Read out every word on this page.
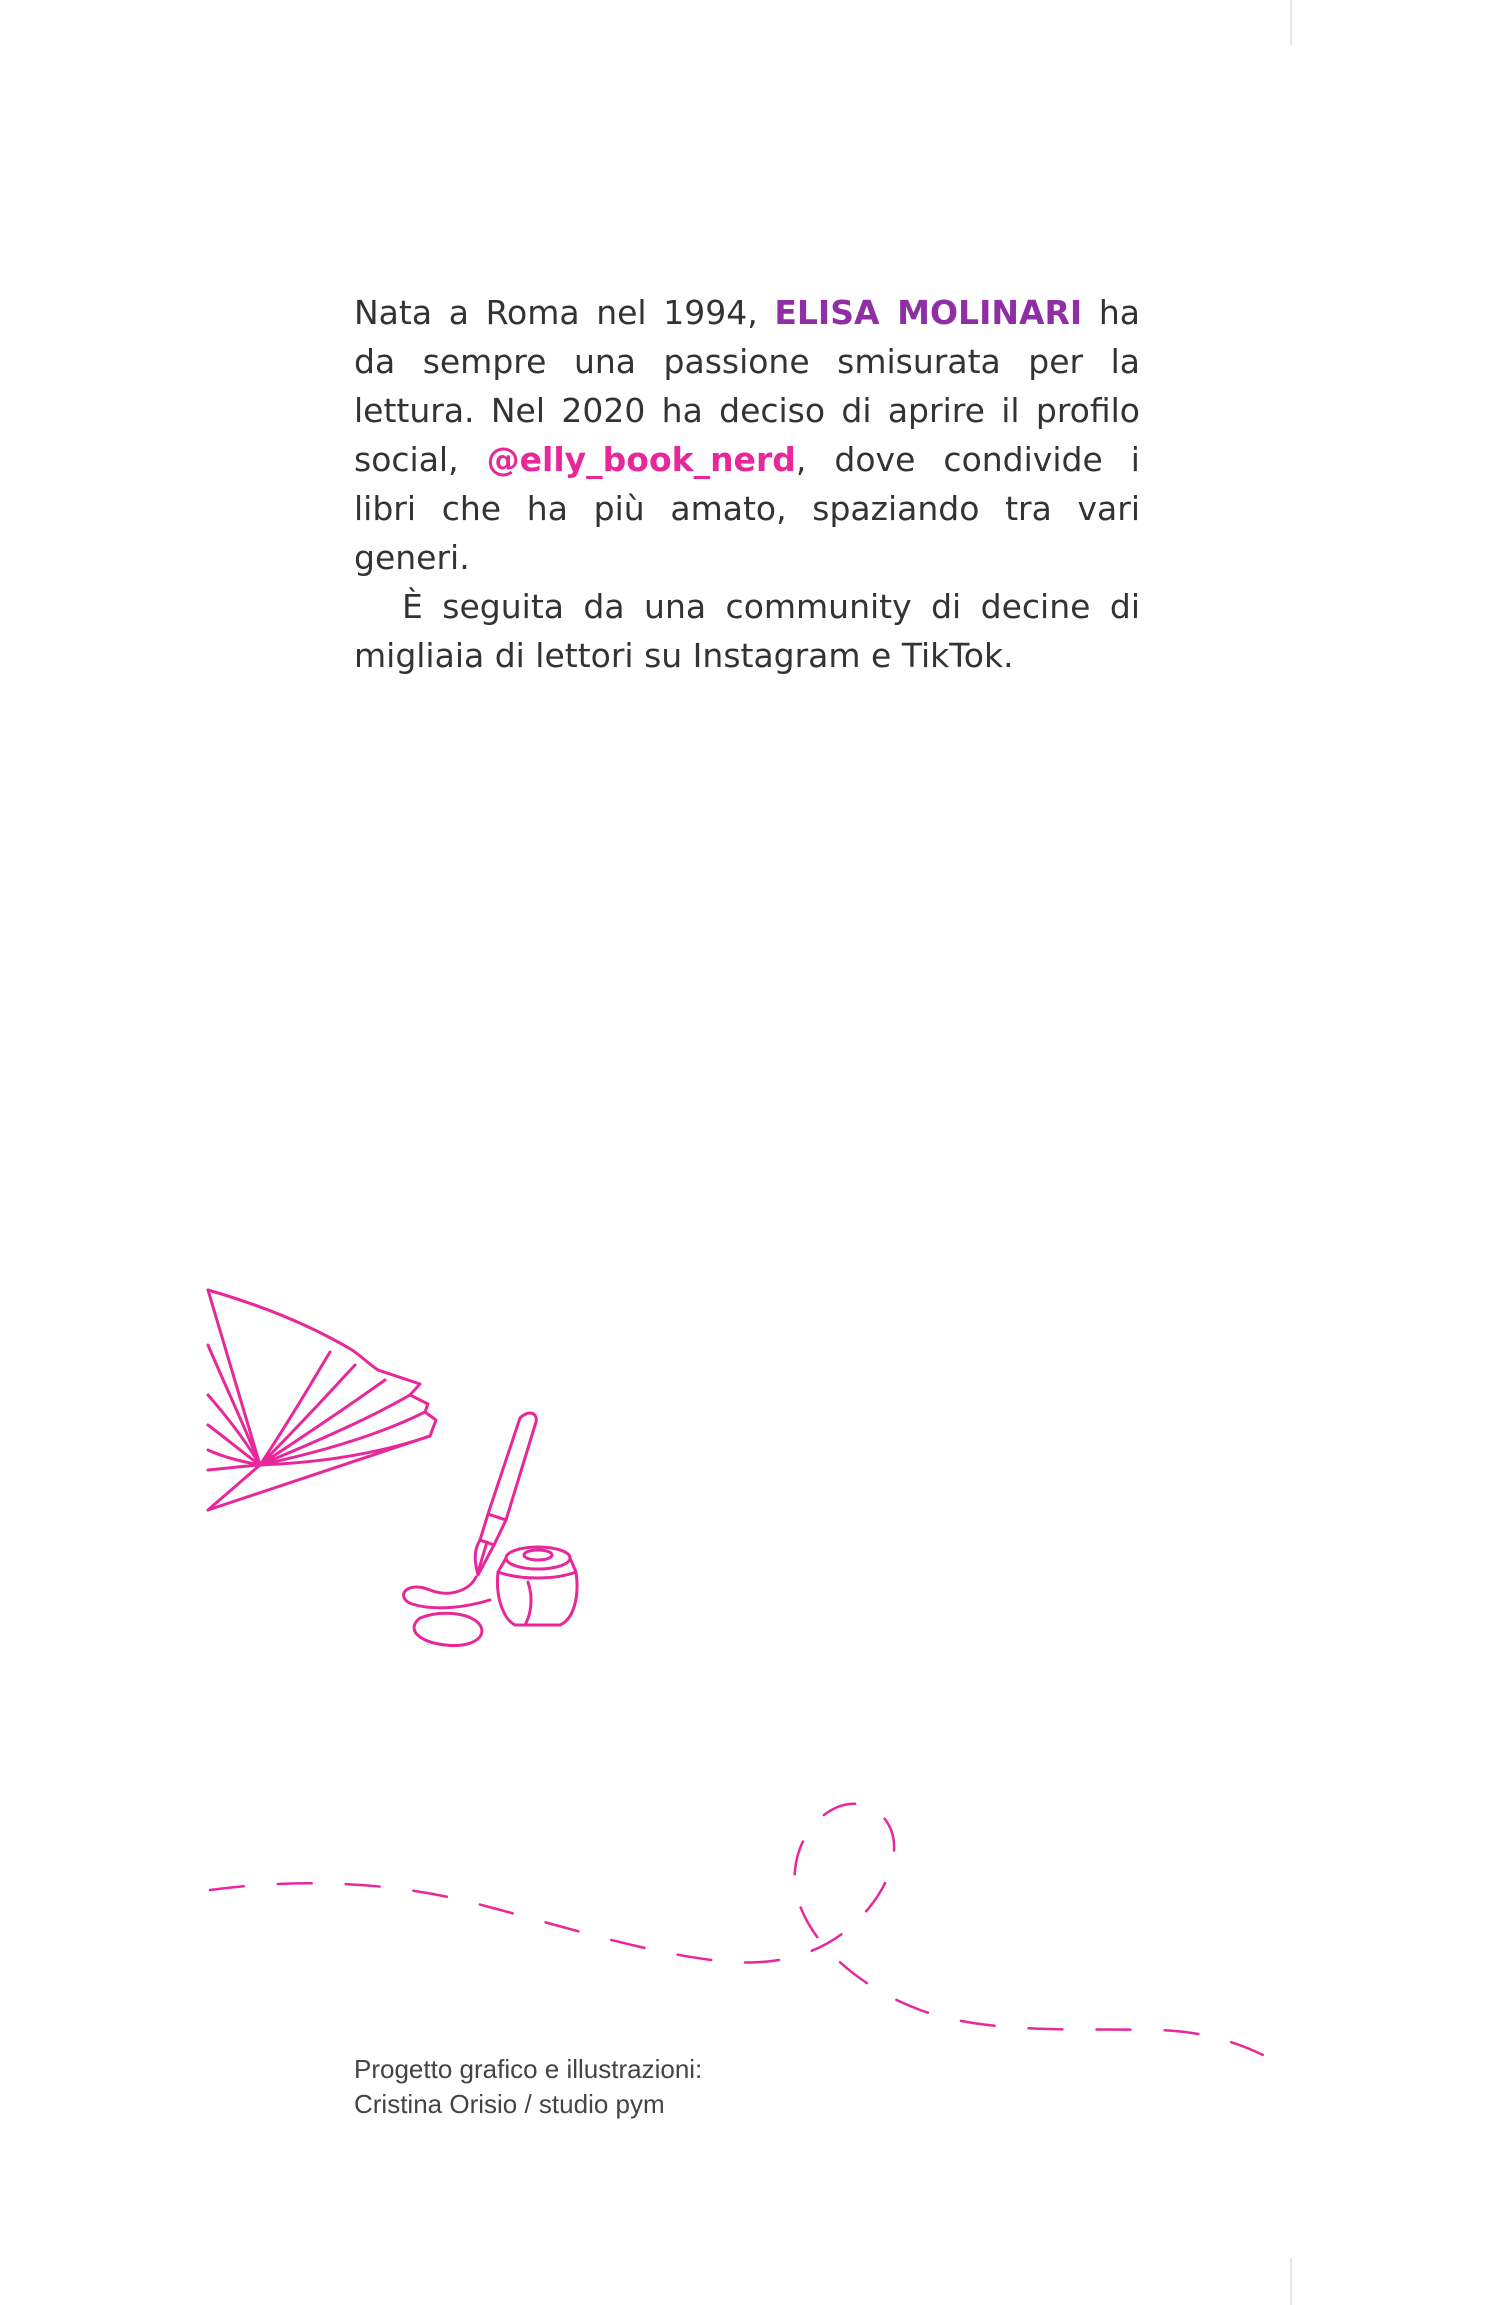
Nata a Roma nel 1994, ELISA MOLINARI ha da sempre una passione smisurata per la lettura. Nel 2020 ha deciso di aprire il profilo social, @elly_book_nerd, dove condivide i libri che ha più amato, spaziando tra vari generi.

È seguita da una community di decine di migliaia di lettori su Instagram e TikTok.

Progetto grafico e illustrazioni:
Cristina Orisio / studio pym
